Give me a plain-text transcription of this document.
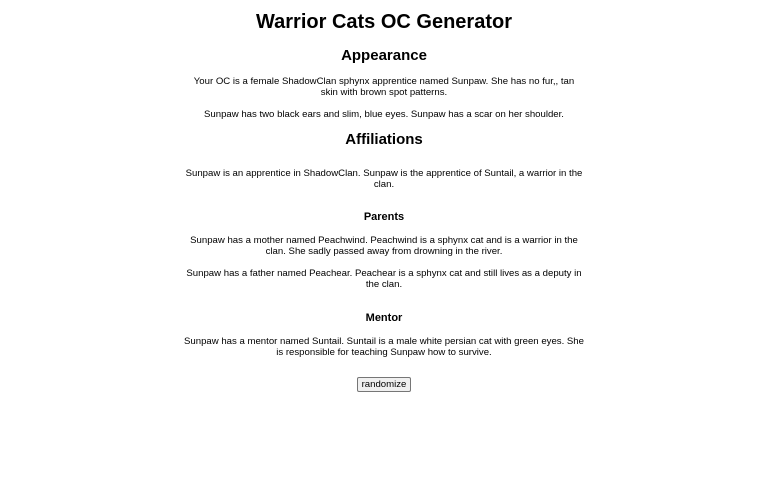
Warrior Cats OC Generator
Appearance

Your OC is a female ShadowClan sphynx apprentice named Sunpaw. She has no fur,, tan skin with brown spot patterns.

Sunpaw has two black ears and slim, blue eyes. Sunpaw has a scar on her shoulder.

Affiliations

Sunpaw is an apprentice in ShadowClan. Sunpaw is the apprentice of Suntail, a warrior in the clan.

Parents

Sunpaw has a mother named Peachwind. Peachwind is a sphynx cat and is a warrior in the clan. She sadly passed away from drowning in the river.

Sunpaw has a father named Peachear. Peachear is a sphynx cat and still lives as a deputy in the clan.

Mentor

Sunpaw has a mentor named Suntail. Suntail is a male white persian cat with green eyes. She is responsible for teaching Sunpaw how to survive.

randomize
